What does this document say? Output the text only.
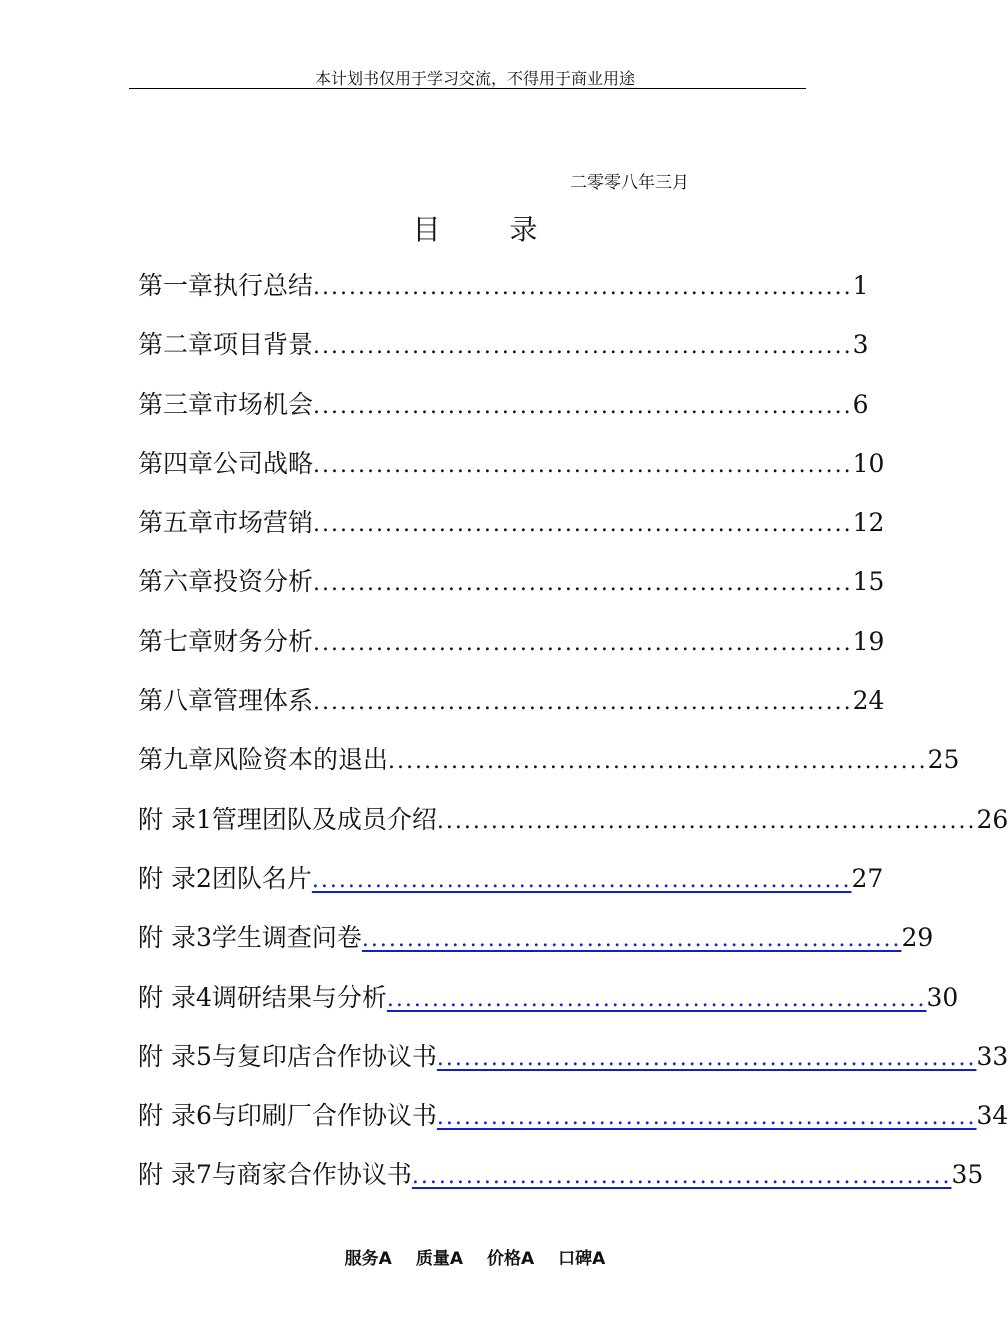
本计划书仅用于学习交流，不得用于商业用途
二零零八年三月
目 录
第一章 执行总结 ............................................................ 1
第二章 项目背景 ............................................................ 3
第三章 市场机会 ............................................................ 6
第四章 公司战略 ............................................................ 10
第五章 市场营销 ............................................................ 12
第六章 投资分析 ............................................................ 15
第七章 财务分析 ............................................................ 19
第八章 管理体系 ............................................................ 24
第九章 风险资本的退出 ............................................................ 25
附 录1 管理团队及成员介绍 ............................................................ 26
附 录2 团队名片 ............................................................ 27
附 录3 学生调查问卷 ............................................................ 29
附 录4 调研结果与分析 ............................................................ 30
附 录5 与复印店合作协议书 ............................................................ 33
附 录6 与印刷厂合作协议书 ............................................................ 34
附 录7 与商家合作协议书 ............................................................ 35
服务A 质量A 价格A 口碑A
